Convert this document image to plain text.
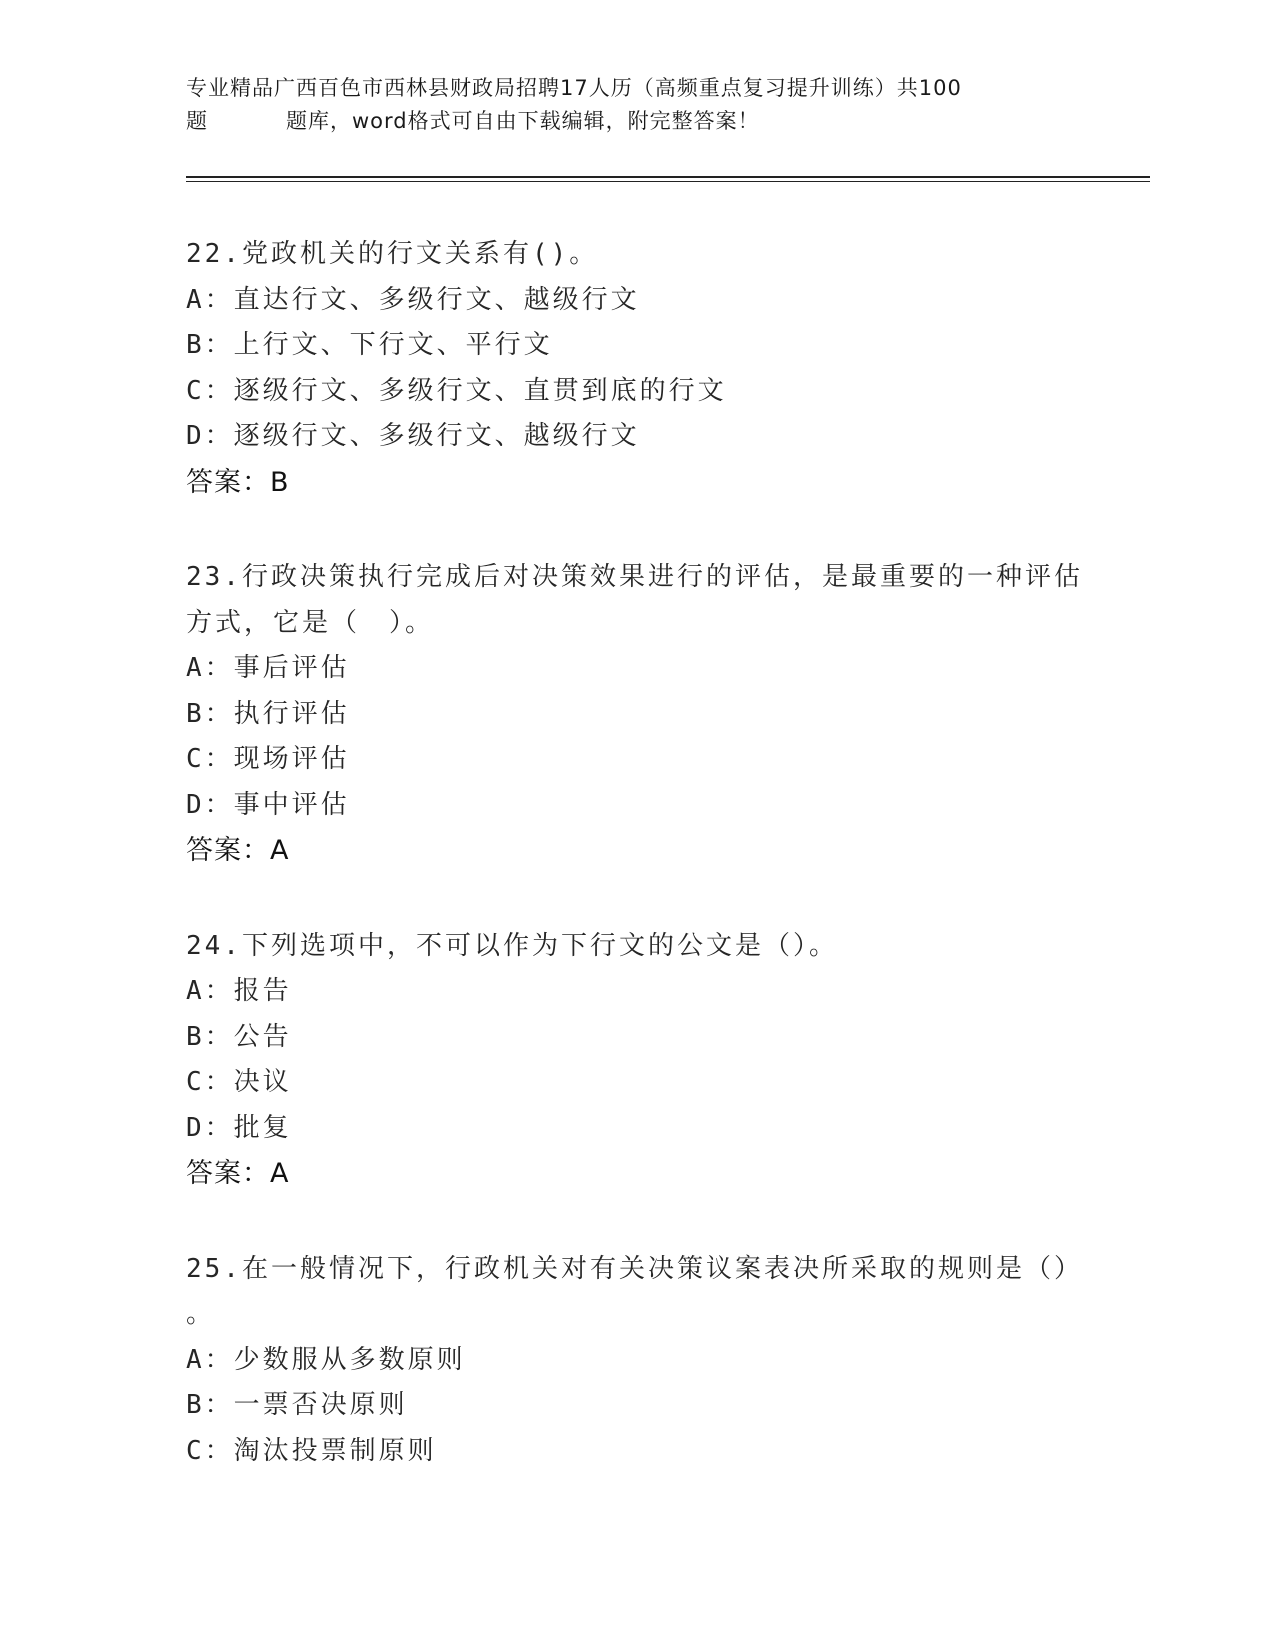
专业精品广西百色市西林县财政局招聘17人历（高频重点复习提升训练）共100
题	题库，word格式可自由下载编辑，附完整答案！

22.党政机关的行文关系有()。

A：直达行文、多级行文、越级行文

B：上行文、下行文、平行文

C：逐级行文、多级行文、直贯到底的行文

D：逐级行文、多级行文、越级行文

答案：B

23.行政决策执行完成后对决策效果进行的评估，是最重要的一种评估

方式，它是（　）。

A：事后评估

B：执行评估

C：现场评估

D：事中评估

答案：A

24.下列选项中，不可以作为下行文的公文是（）。

A：报告

B：公告

C：决议

D：批复

答案：A

25.在一般情况下，行政机关对有关决策议案表决所采取的规则是（）

。

A：少数服从多数原则

B：一票否决原则

C：淘汰投票制原则
